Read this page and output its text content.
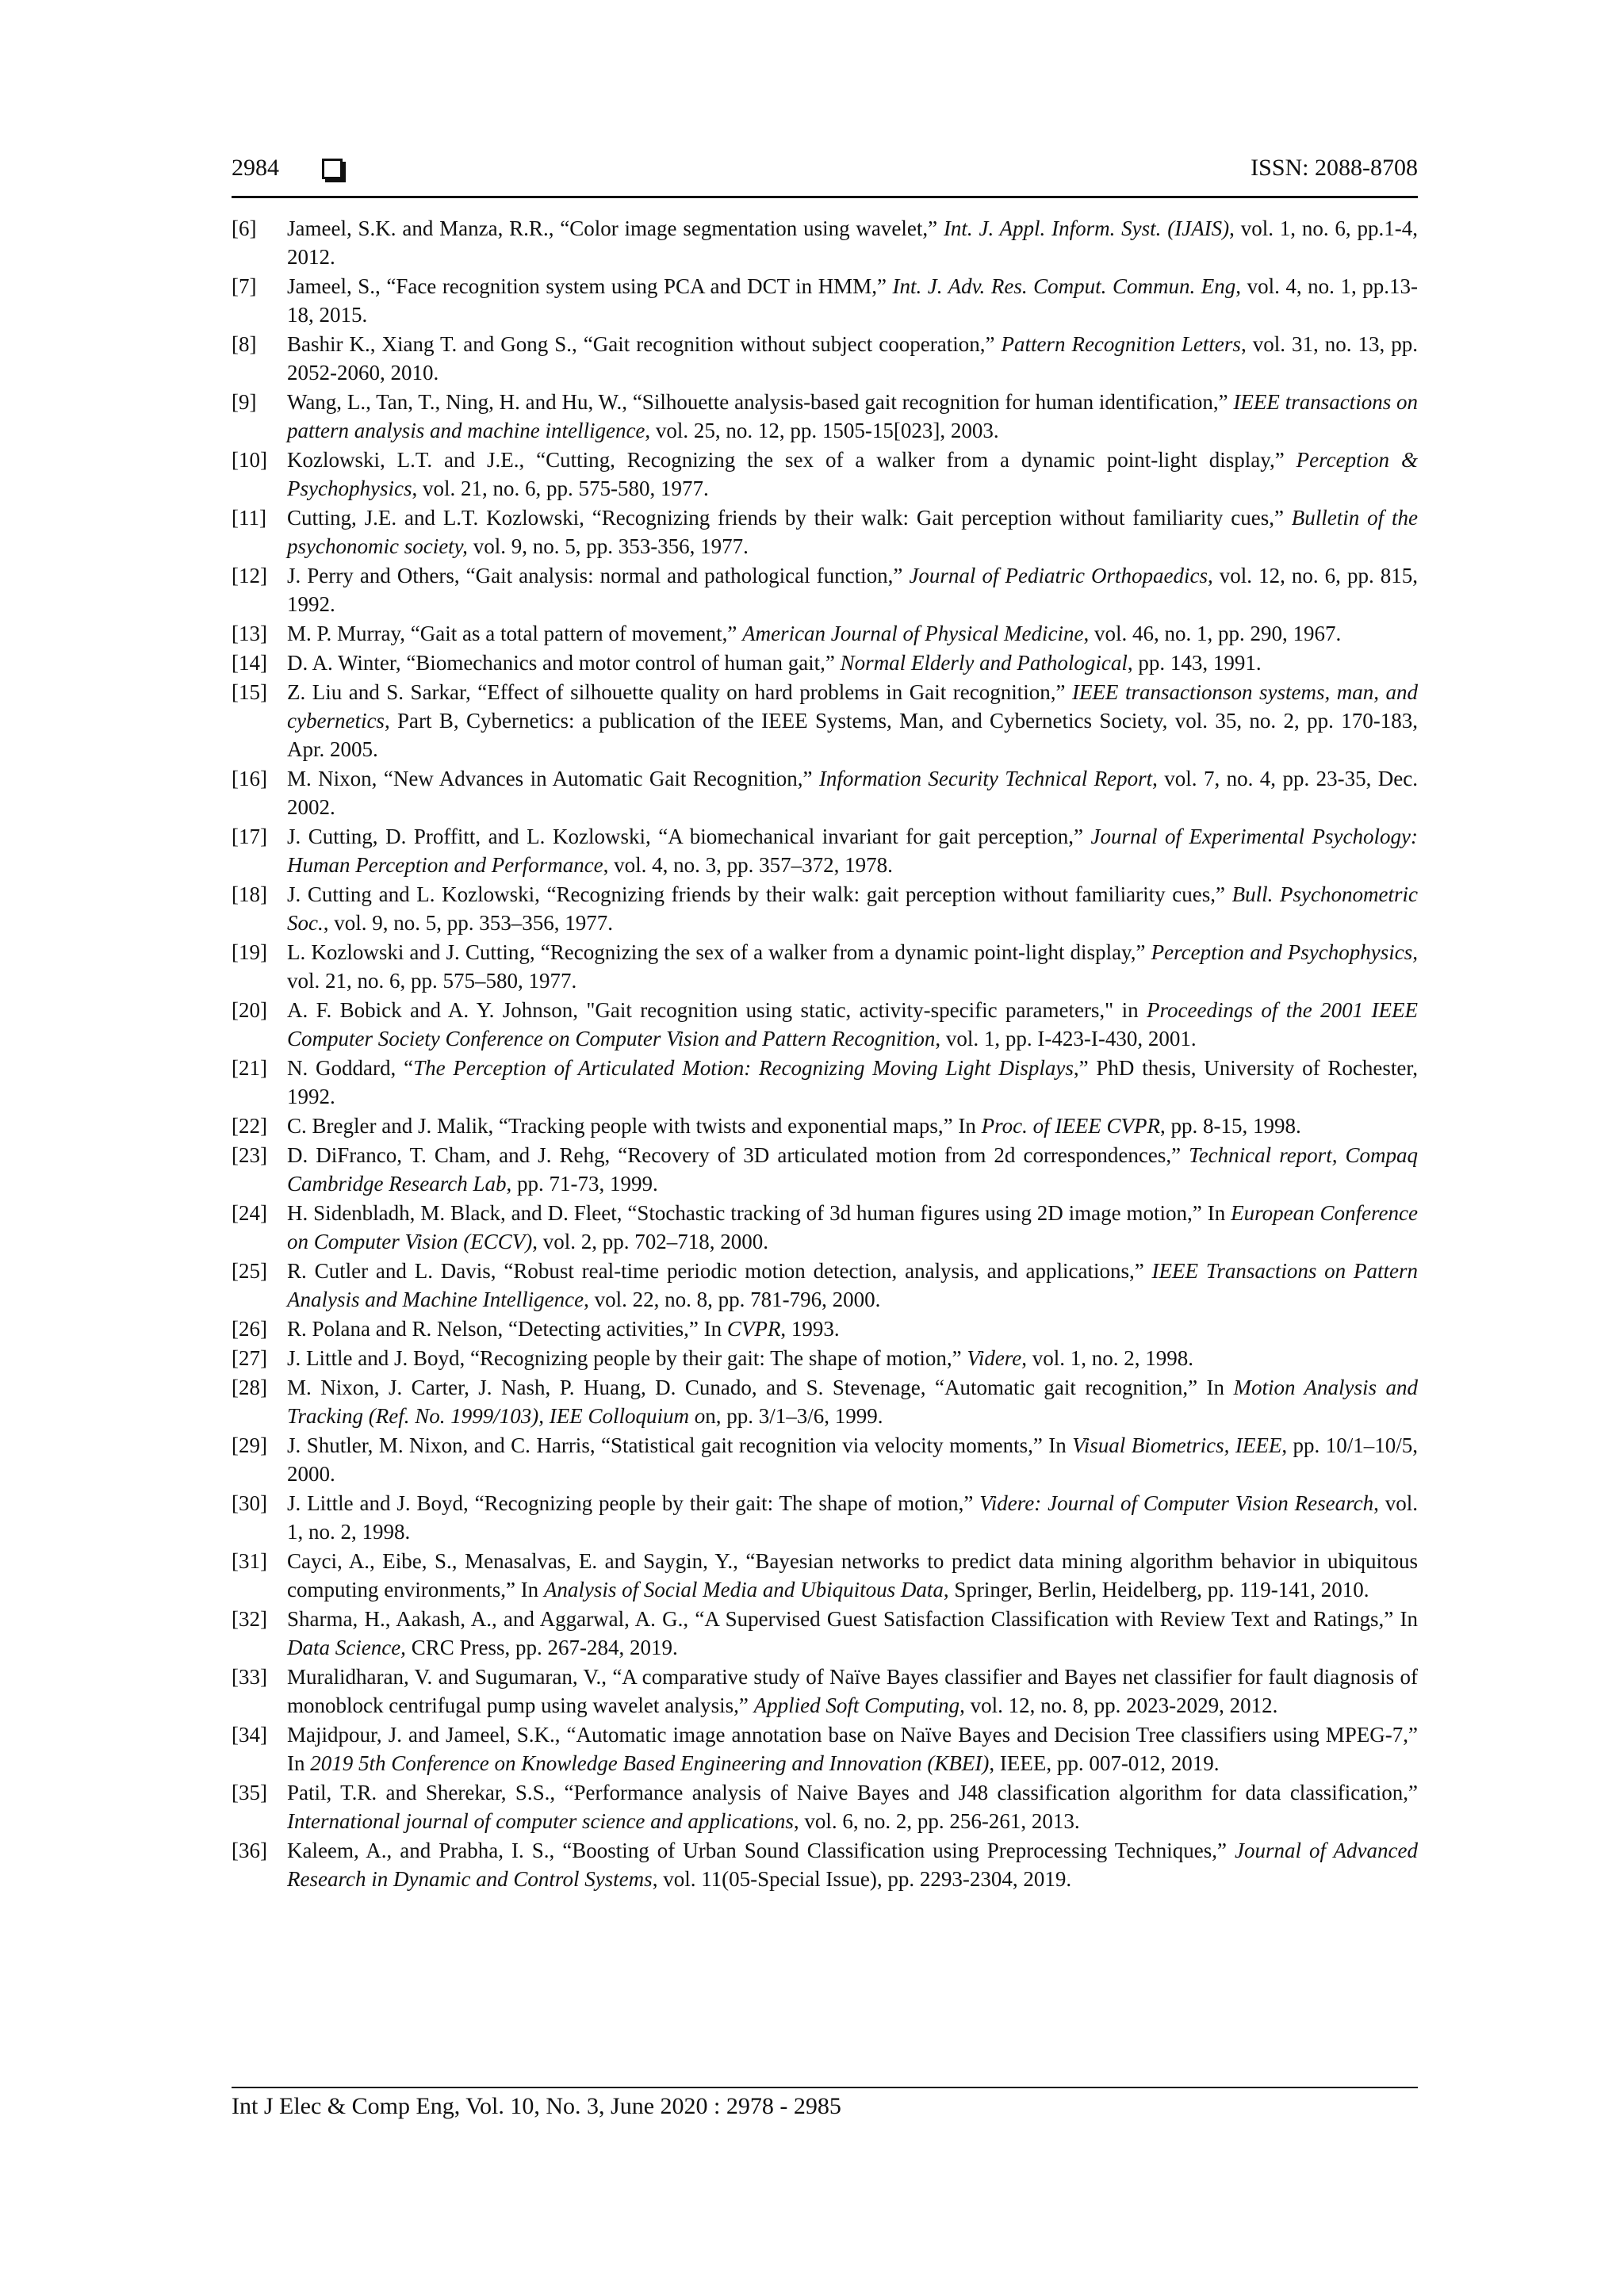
2984	ISSN: 2088-8708
[6]	Jameel, S.K. and Manza, R.R., “Color image segmentation using wavelet,” Int. J. Appl. Inform. Syst. (IJAIS), vol. 1, no. 6, pp.1-4, 2012.
[7]	Jameel, S., “Face recognition system using PCA and DCT in HMM,” Int. J. Adv. Res. Comput. Commun. Eng, vol. 4, no. 1, pp.13-18, 2015.
[8]	Bashir K., Xiang T. and Gong S., “Gait recognition without subject cooperation,” Pattern Recognition Letters, vol. 31, no. 13, pp. 2052-2060, 2010.
[9]	Wang, L., Tan, T., Ning, H. and Hu, W., “Silhouette analysis-based gait recognition for human identification,” IEEE transactions on pattern analysis and machine intelligence, vol. 25, no. 12, pp. 1505-15[023], 2003.
[10] Kozlowski, L.T. and J.E., “Cutting, Recognizing the sex of a walker from a dynamic point-light display,” Perception & Psychophysics, vol. 21, no. 6, pp. 575-580, 1977.
[11] Cutting, J.E. and L.T. Kozlowski, “Recognizing friends by their walk: Gait perception without familiarity cues,” Bulletin of the psychonomic society, vol. 9, no. 5, pp. 353-356, 1977.
[12] J. Perry and Others, “Gait analysis: normal and pathological function,” Journal of Pediatric Orthopaedics, vol. 12, no. 6, pp. 815, 1992.
[13] M. P. Murray, “Gait as a total pattern of movement,” American Journal of Physical Medicine, vol. 46, no. 1, pp. 290, 1967.
[14] D. A. Winter, “Biomechanics and motor control of human gait,” Normal Elderly and Pathological, pp. 143, 1991.
[15] Z. Liu and S. Sarkar, “Effect of silhouette quality on hard problems in Gait recognition,” IEEE transactionson systems, man, and cybernetics, Part B, Cybernetics: a publication of the IEEE Systems, Man, and Cybernetics Society, vol. 35, no. 2, pp. 170-183, Apr. 2005.
[16] M. Nixon, “New Advances in Automatic Gait Recognition,” Information Security Technical Report, vol. 7, no. 4, pp. 23-35, Dec. 2002.
[17] J. Cutting, D. Proffitt, and L. Kozlowski, “A biomechanical invariant for gait perception,” Journal of Experimental Psychology: Human Perception and Performance, vol. 4, no. 3, pp. 357–372, 1978.
[18] J. Cutting and L. Kozlowski, “Recognizing friends by their walk: gait perception without familiarity cues,” Bull. Psychonometric Soc., vol. 9, no. 5, pp. 353–356, 1977.
[19] L. Kozlowski and J. Cutting, “Recognizing the sex of a walker from a dynamic point-light display,” Perception and Psychophysics, vol. 21, no. 6, pp. 575–580, 1977.
[20] A. F. Bobick and A. Y. Johnson, "Gait recognition using static, activity-specific parameters," in Proceedings of the 2001 IEEE Computer Society Conference on Computer Vision and Pattern Recognition, vol. 1, pp. I-423-I-430, 2001.
[21] N. Goddard, “The Perception of Articulated Motion: Recognizing Moving Light Displays,” PhD thesis, University of Rochester, 1992.
[22] C. Bregler and J. Malik, “Tracking people with twists and exponential maps,” In Proc. of IEEE CVPR, pp. 8-15, 1998.
[23] D. DiFranco, T. Cham, and J. Rehg, “Recovery of 3D articulated motion from 2d correspondences,” Technical report, Compaq Cambridge Research Lab, pp. 71-73, 1999.
[24] H. Sidenbladh, M. Black, and D. Fleet, “Stochastic tracking of 3d human figures using 2D image motion,” In European Conference on Computer Vision (ECCV), vol. 2, pp. 702–718, 2000.
[25] R. Cutler and L. Davis, “Robust real-time periodic motion detection, analysis, and applications,” IEEE Transactions on Pattern Analysis and Machine Intelligence, vol. 22, no. 8, pp. 781-796, 2000.
[26] R. Polana and R. Nelson, “Detecting activities,” In CVPR, 1993.
[27] J. Little and J. Boyd, “Recognizing people by their gait: The shape of motion,” Videre, vol. 1, no. 2, 1998.
[28] M. Nixon, J. Carter, J. Nash, P. Huang, D. Cunado, and S. Stevenage, “Automatic gait recognition,” In Motion Analysis and Tracking (Ref. No. 1999/103), IEE Colloquium on, pp. 3/1–3/6, 1999.
[29] J. Shutler, M. Nixon, and C. Harris, “Statistical gait recognition via velocity moments,” In Visual Biometrics, IEEE, pp. 10/1–10/5, 2000.
[30] J. Little and J. Boyd, “Recognizing people by their gait: The shape of motion,” Videre: Journal of Computer Vision Research, vol. 1, no. 2, 1998.
[31] Cayci, A., Eibe, S., Menasalvas, E. and Saygin, Y., “Bayesian networks to predict data mining algorithm behavior in ubiquitous computing environments,” In Analysis of Social Media and Ubiquitous Data, Springer, Berlin, Heidelberg, pp. 119-141, 2010.
[32] Sharma, H., Aakash, A., and Aggarwal, A. G., “A Supervised Guest Satisfaction Classification with Review Text and Ratings,” In Data Science, CRC Press, pp. 267-284, 2019.
[33] Muralidharan, V. and Sugumaran, V., “A comparative study of Naïve Bayes classifier and Bayes net classifier for fault diagnosis of monoblock centrifugal pump using wavelet analysis,” Applied Soft Computing, vol. 12, no. 8, pp. 2023-2029, 2012.
[34] Majidpour, J. and Jameel, S.K., “Automatic image annotation base on Naïve Bayes and Decision Tree classifiers using MPEG-7,” In 2019 5th Conference on Knowledge Based Engineering and Innovation (KBEI), IEEE, pp. 007-012, 2019.
[35] Patil, T.R. and Sherekar, S.S., “Performance analysis of Naive Bayes and J48 classification algorithm for data classification,” International journal of computer science and applications, vol. 6, no. 2, pp. 256-261, 2013.
[36] Kaleem, A., and Prabha, I. S., “Boosting of Urban Sound Classification using Preprocessing Techniques,” Journal of Advanced Research in Dynamic and Control Systems, vol. 11(05-Special Issue), pp. 2293-2304, 2019.
Int J Elec & Comp Eng, Vol. 10, No. 3, June 2020 : 2978 - 2985
